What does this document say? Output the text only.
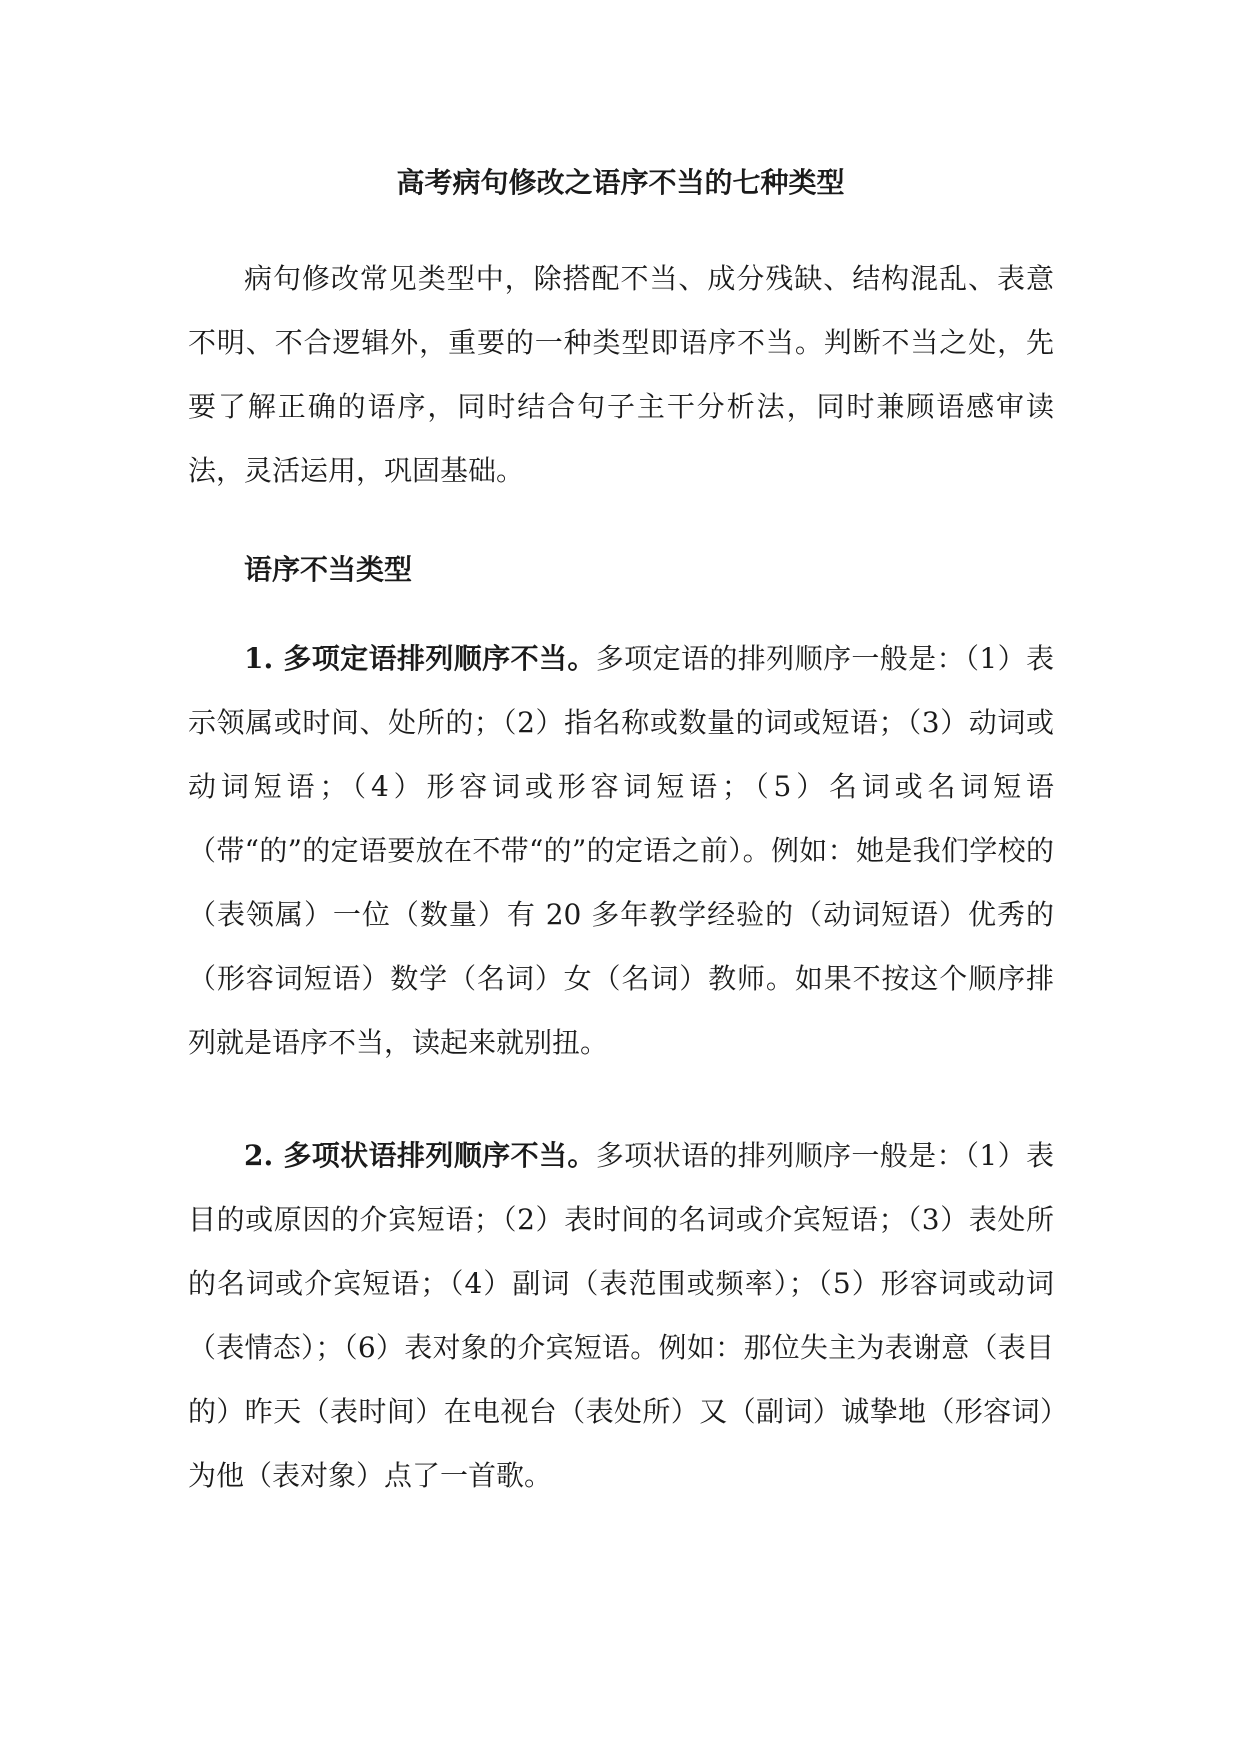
高考病句修改之语序不当的七种类型

病句修改常见类型中，除搭配不当、成分残缺、结构混乱、表意不明、不合逻辑外，重要的一种类型即语序不当。判断不当之处，先要了解正确的语序，同时结合句子主干分析法，同时兼顾语感审读法，灵活运用，巩固基础。

语序不当类型

1. 多项定语排列顺序不当。多项定语的排列顺序一般是：（1）表示领属或时间、处所的；（2）指名称或数量的词或短语；（3）动词或动词短语；（4）形容词或形容词短语；（5）名词或名词短语（带“的”的定语要放在不带“的”的定语之前）。例如：她是我们学校的（表领属）一位（数量）有 20 多年教学经验的（动词短语）优秀的（形容词短语）数学（名词）女（名词）教师。如果不按这个顺序排列就是语序不当，读起来就别扭。

2. 多项状语排列顺序不当。多项状语的排列顺序一般是：（1）表目的或原因的介宾短语；（2）表时间的名词或介宾短语；（3）表处所的名词或介宾短语；（4）副词（表范围或频率）；（5）形容词或动词（表情态）；（6）表对象的介宾短语。例如：那位失主为表谢意（表目的）昨天（表时间）在电视台（表处所）又（副词）诚挚地（形容词）为他（表对象）点了一首歌。
